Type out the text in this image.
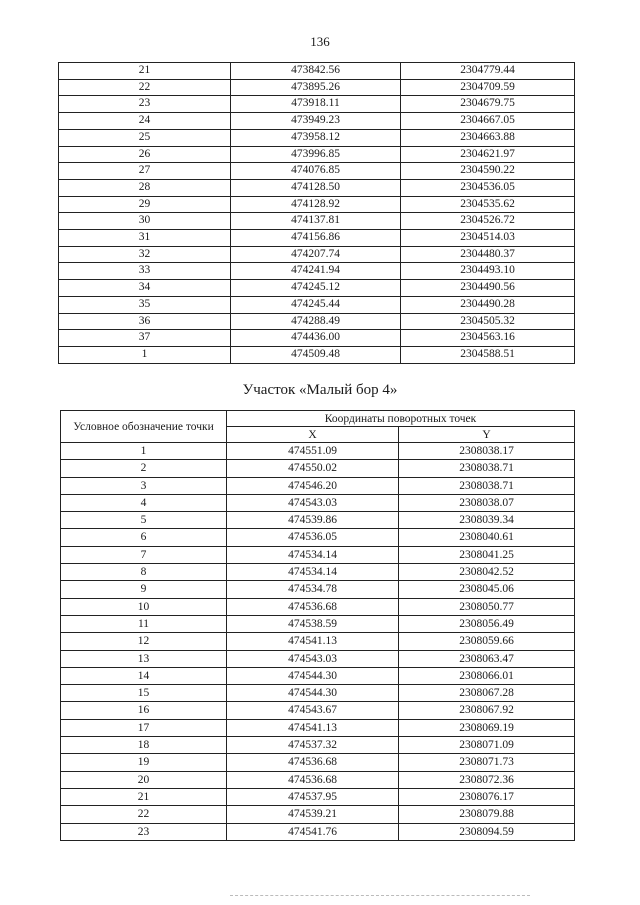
136
21	473842.56	2304779.44
22	473895.26	2304709.59
23	473918.11	2304679.75
24	473949.23	2304667.05
25	473958.12	2304663.88
26	473996.85	2304621.97
27	474076.85	2304590.22
28	474128.50	2304536.05
29	474128.92	2304535.62
30	474137.81	2304526.72
31	474156.86	2304514.03
32	474207.74	2304480.37
33	474241.94	2304493.10
34	474245.12	2304490.56
35	474245.44	2304490.28
36	474288.49	2304505.32
37	474436.00	2304563.16
1	474509.48	2304588.51
Участок «Малый бор 4»
Условное обозначение точки	Координаты поворотных точек	
	X	Y
1	474551.09	2308038.17
2	474550.02	2308038.71
3	474546.20	2308038.71
4	474543.03	2308038.07
5	474539.86	2308039.34
6	474536.05	2308040.61
7	474534.14	2308041.25
8	474534.14	2308042.52
9	474534.78	2308045.06
10	474536.68	2308050.77
11	474538.59	2308056.49
12	474541.13	2308059.66
13	474543.03	2308063.47
14	474544.30	2308066.01
15	474544.30	2308067.28
16	474543.67	2308067.92
17	474541.13	2308069.19
18	474537.32	2308071.09
19	474536.68	2308071.73
20	474536.68	2308072.36
21	474537.95	2308076.17
22	474539.21	2308079.88
23	474541.76	2308094.59
